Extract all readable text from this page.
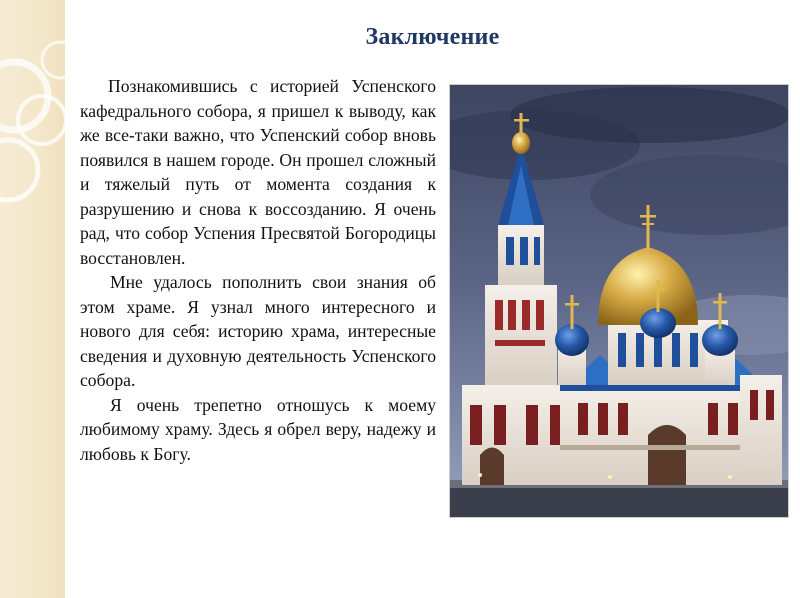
Заключение

Познакомившись с историей Успенского кафедрального собора, я пришел к выводу, как же все-таки важно, что Успенский собор вновь появился в нашем городе. Он прошел сложный и тяжелый путь от момента создания к разрушению и снова к воссозданию. Я очень рад, что собор Успения Пресвятой Богородицы восстановлен.

Мне удалось пополнить свои знания об этом храме. Я узнал много интересного и нового для себя: историю храма, интересные сведения и духовную деятельность Успенского собора.

Я очень трепетно отношусь к моему любимому храму. Здесь я обрел веру, надежу и любовь к Богу.
